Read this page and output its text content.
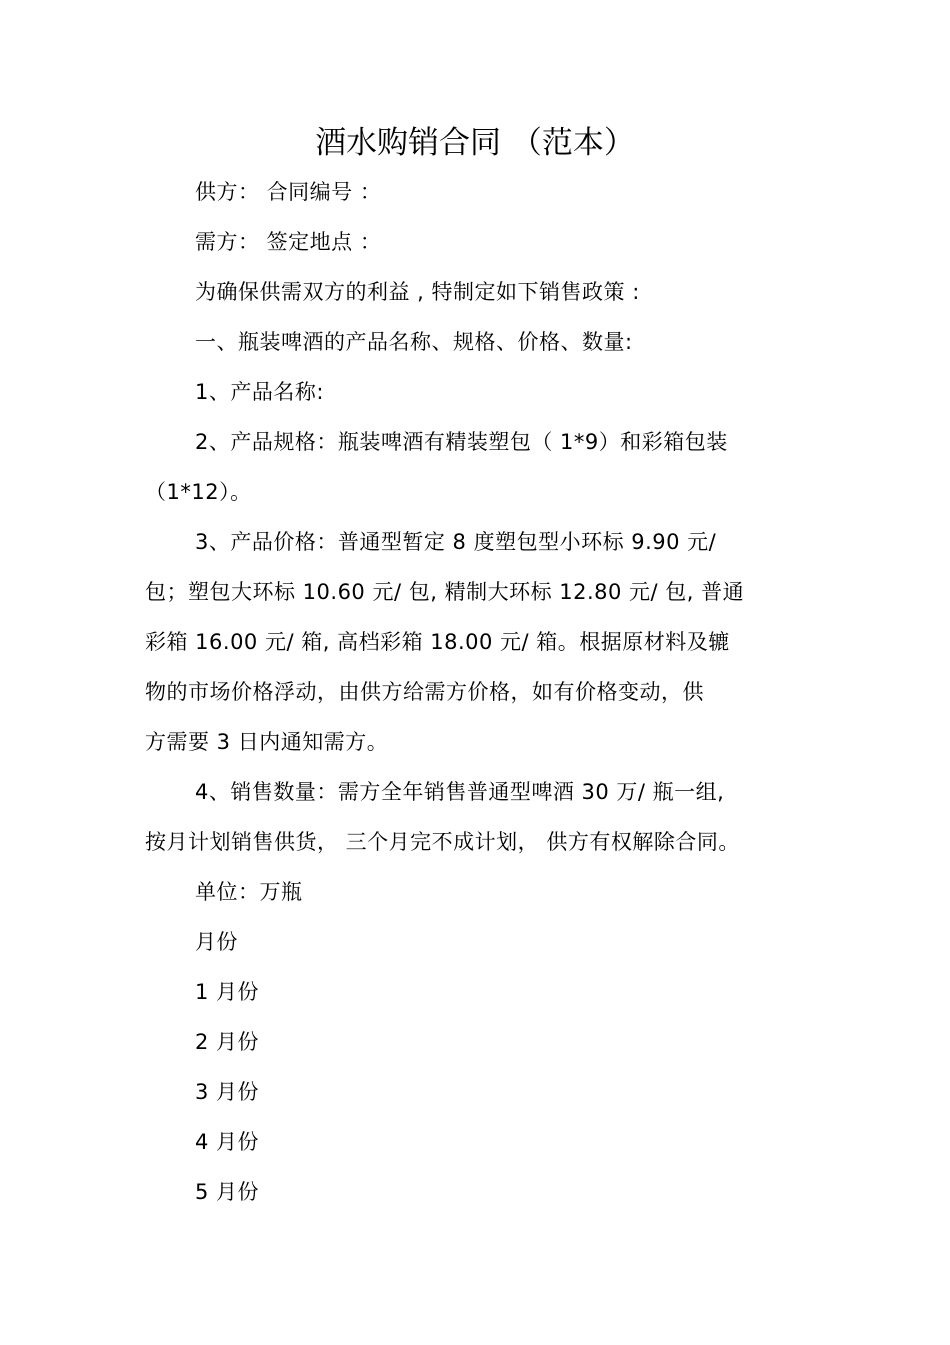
酒水购销合同 （范本）
供方： 合同编号 ：
需方： 签定地点 ：
为确保供需双方的利益 , 特制定如下销售政策 :
一、瓶装啤酒的产品名称、规格、价格、数量:
1、产品名称:
2、产品规格：瓶装啤酒有精装塑包（ 1*9）和彩箱包装
（1*12）。
3、产品价格：普通型暂定 8 度塑包型小环标 9.90 元/
包；塑包大环标 10.60 元/ 包, 精制大环标 12.80 元/ 包, 普通
彩箱 16.00 元/ 箱, 高档彩箱 18.00 元/ 箱。根据原材料及辘
物的市场价格浮动，由供方给需方价格，如有价格变动，供
方需要 3 日内通知需方。
4、销售数量：需方全年销售普通型啤酒 30 万/ 瓶一组,
按月计划销售供货， 三个月完不成计划， 供方有权解除合同。
单位：万瓶
月份
1 月份
2 月份
3 月份
4 月份
5 月份
